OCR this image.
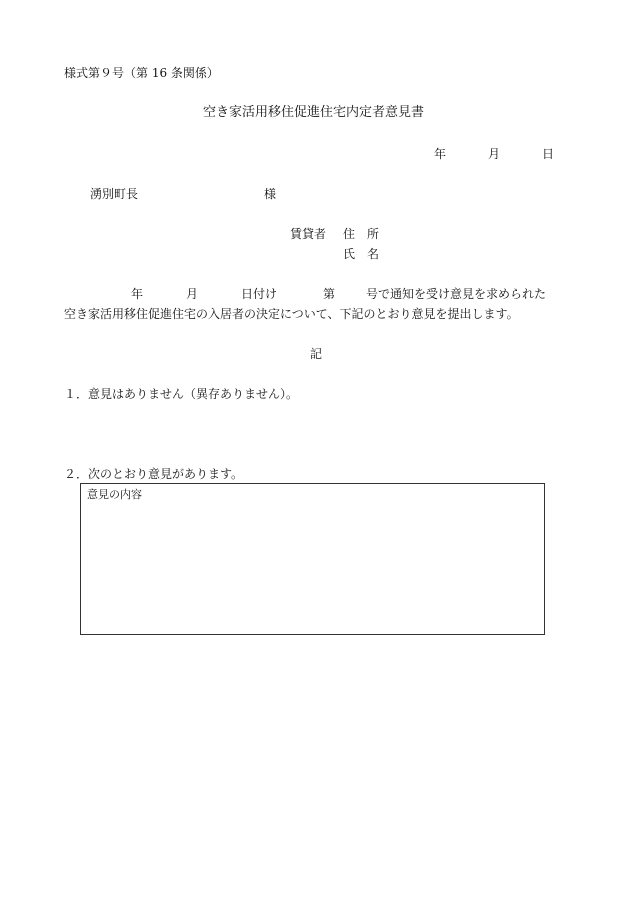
様式第９号（第 16 条関係）
空き家活用移住促進住宅内定者意見書
年	月	日
湧別町長	様
賃貸者 住　所
氏　名
年	月	日付け	第	号で通知を受け意見を求められた
空き家活用移住促進住宅の入居者の決定について、下記のとおり意見を提出します。
記
１．意見はありません（異存ありません）。
２．次のとおり意見があります。
意見の内容
